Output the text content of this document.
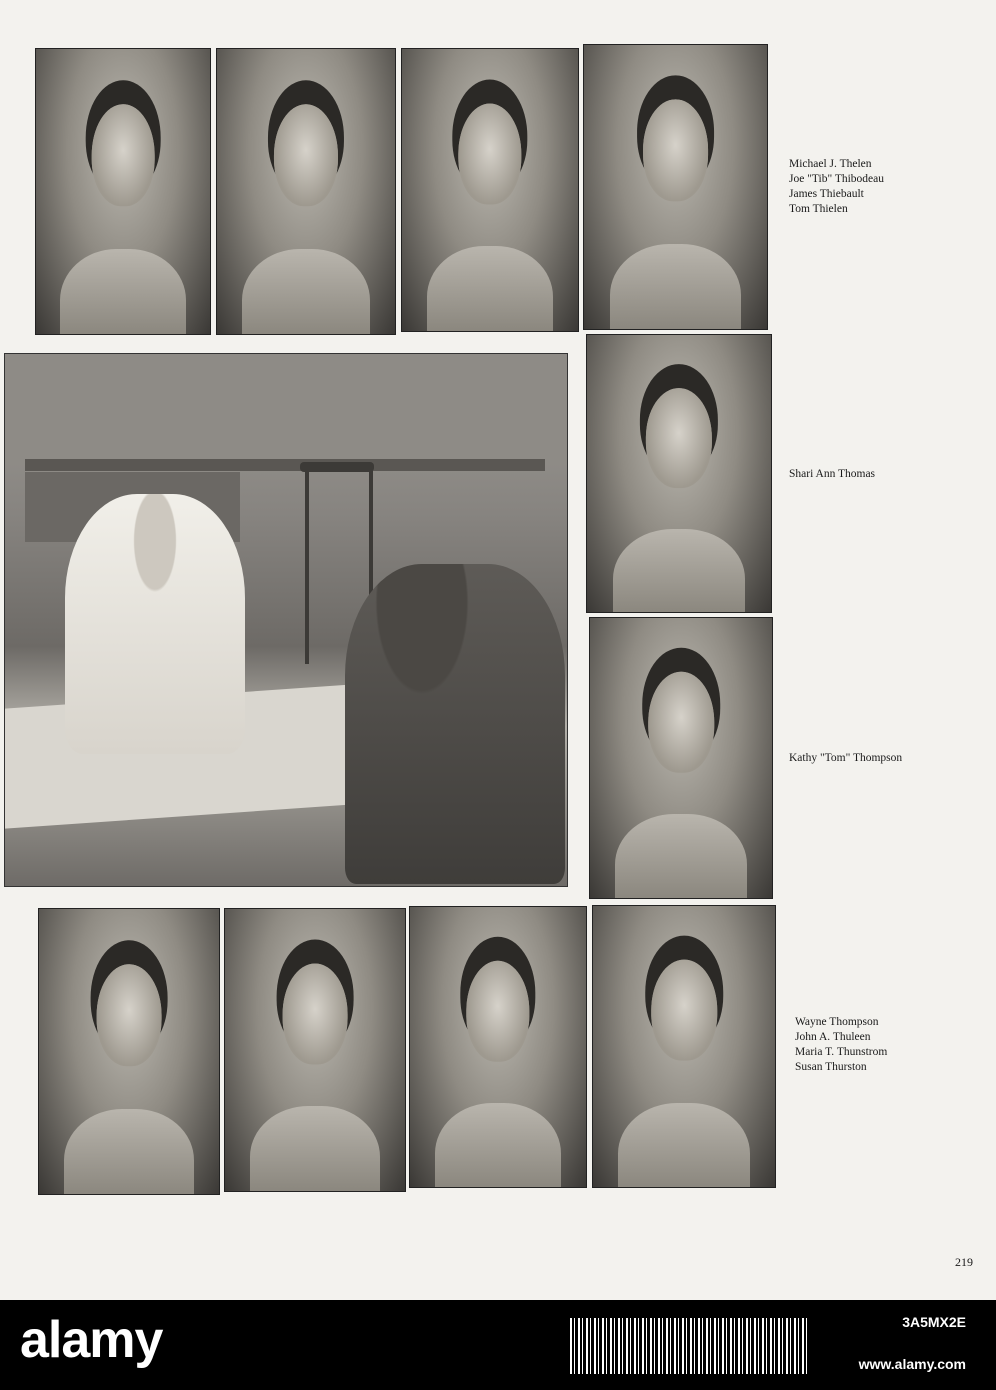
Michael J. Thelen
Joe "Tib" Thibodeau
James Thiebault
Tom Thielen
Shari Ann Thomas
Kathy "Tom" Thompson
Wayne Thompson
John A. Thuleen
Maria T. Thunstrom
Susan Thurston
219
alamy	3A5MX2E
www.alamy.com
